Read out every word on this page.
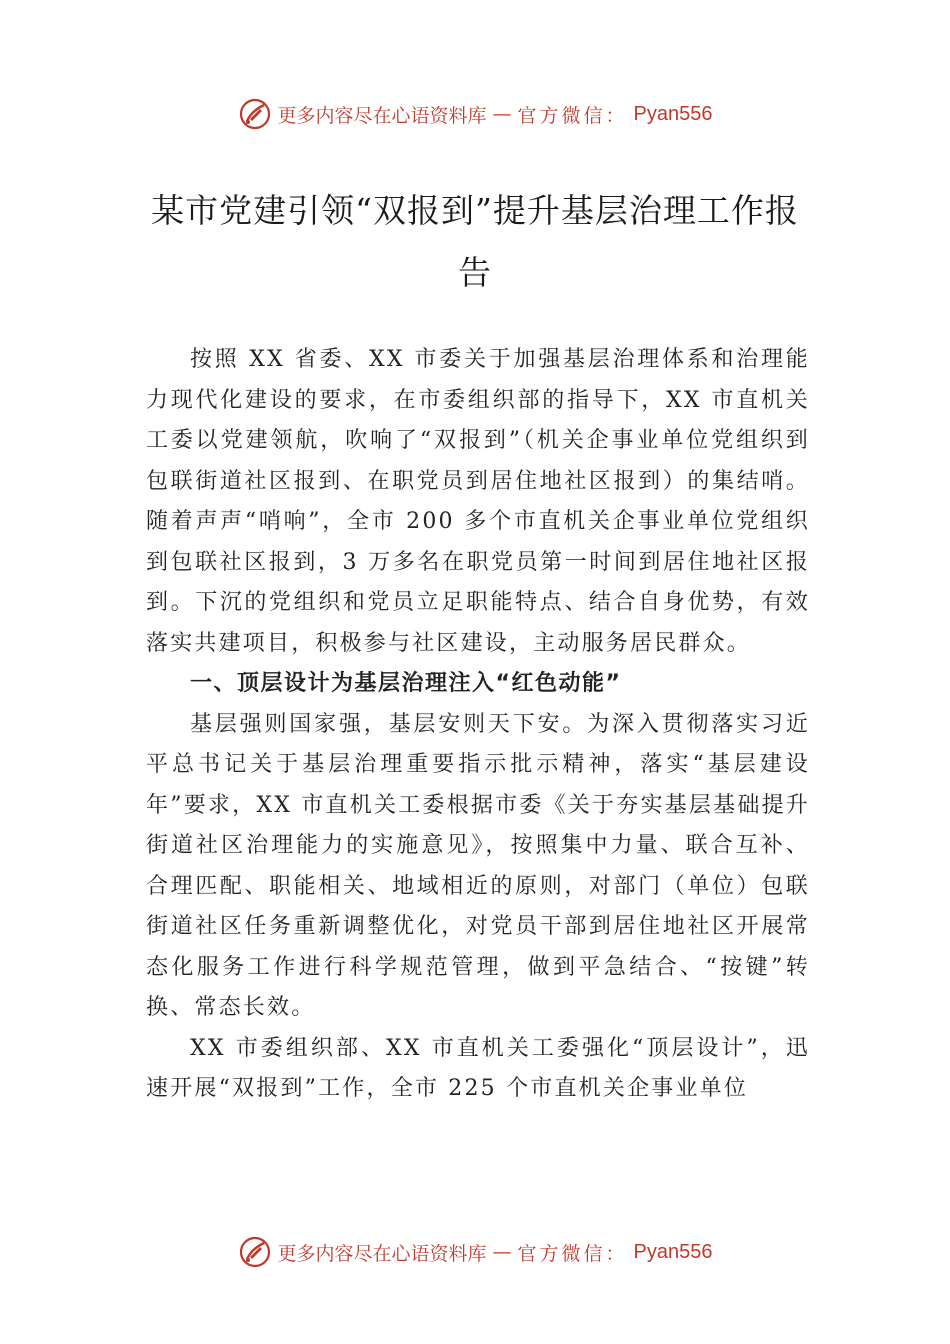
更多内容尽在心语资料库 — 官方微信： Pyan556
某市党建引领“双报到”提升基层治理工作报告

按照 XX 省委、XX 市委关于加强基层治理体系和治理能力现代化建设的要求，在市委组织部的指导下，XX 市直机关工委以党建领航，吹响了“双报到”（机关企事业单位党组织到包联街道社区报到、在职党员到居住地社区报到）的集结哨。随着声声“哨响”，全市 200 多个市直机关企事业单位党组织到包联社区报到，3 万多名在职党员第一时间到居住地社区报到。下沉的党组织和党员立足职能特点、结合自身优势，有效落实共建项目，积极参与社区建设，主动服务居民群众。

一、顶层设计为基层治理注入“红色动能”

基层强则国家强，基层安则天下安。为深入贯彻落实习近平总书记关于基层治理重要指示批示精神，落实“基层建设年”要求，XX 市直机关工委根据市委《关于夯实基层基础提升街道社区治理能力的实施意见》，按照集中力量、联合互补、合理匹配、职能相关、地域相近的原则，对部门（单位）包联街道社区任务重新调整优化，对党员干部到居住地社区开展常态化服务工作进行科学规范管理，做到平急结合、“按键”转换、常态长效。

XX 市委组织部、XX 市直机关工委强化“顶层设计”，迅速开展“双报到”工作，全市 225 个市直机关企事业单位

更多内容尽在心语资料库 — 官方微信： Pyan556
